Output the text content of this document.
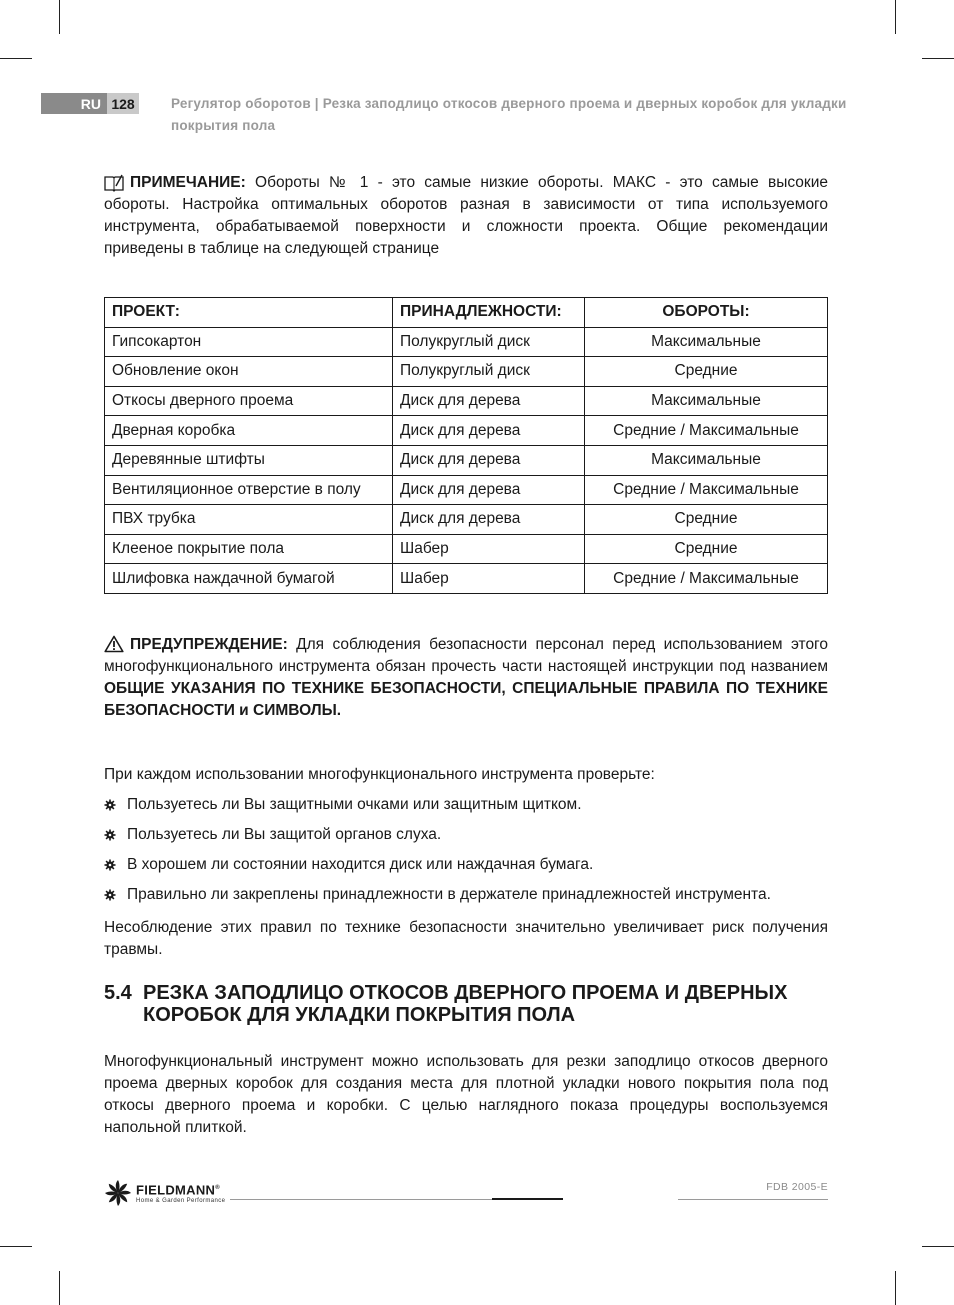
RU 128	Регулятор оборотов | Резка заподлицо откосов дверного проема и дверных коробок для укладки покрытия пола

ПРИМЕЧАНИЕ: Обороты № 1 - это самые низкие обороты. МАКС - это самые высокие обороты. Настройка оптимальных оборотов разная в зависимости от типа используемого инструмента, обрабатываемой поверхности и сложности проекта. Общие рекомендации приведены в таблице на следующей странице

ПРОЕКТ:	ПРИНАДЛЕЖНОСТИ:	ОБОРОТЫ:
Гипсокартон	Полукруглый диск	Максимальные
Обновление окон	Полукруглый диск	Средние
Откосы дверного проема	Диск для дерева	Максимальные
Дверная коробка	Диск для дерева	Средние / Максимальные
Деревянные штифты	Диск для дерева	Максимальные
Вентиляционное отверстие в полу	Диск для дерева	Средние / Максимальные
ПВХ трубка	Диск для дерева	Средние
Клееное покрытие пола	Шабер	Средние
Шлифовка наждачной бумагой	Шабер	Средние / Максимальные

ПРЕДУПРЕЖДЕНИЕ: Для соблюдения безопасности персонал перед использованием этого многофункционального инструмента обязан прочесть части настоящей инструкции под названием ОБЩИЕ УКАЗАНИЯ ПО ТЕХНИКЕ БЕЗОПАСНОСТИ, СПЕЦИАЛЬНЫЕ ПРАВИЛА ПО ТЕХНИКЕ БЕЗОПАСНОСТИ и СИМВОЛЫ.

При каждом использовании многофункционального инструмента проверьте:
Пользуетесь ли Вы защитными очками или защитным щитком.
Пользуетесь ли Вы защитой органов слуха.
В хорошем ли состоянии находится диск или наждачная бумага.
Правильно ли закреплены принадлежности в держателе принадлежностей инструмента.
Несоблюдение этих правил по технике безопасности значительно увеличивает риск получения травмы.
5.4 РЕЗКА ЗАПОДЛИЦО ОТКОСОВ ДВЕРНОГО ПРОЕМА И ДВЕРНЫХ КОРОБОК ДЛЯ УКЛАДКИ ПОКРЫТИЯ ПОЛА
Многофункциональный инструмент можно использовать для резки заподлицо откосов дверного проема дверных коробок для создания места для плотной укладки нового покрытия пола под откосы дверного проема и коробки. С целью наглядного показа процедуры воспользуемся напольной плиткой.
FIELDMANN®
Home & Garden Performance
FDB 2005-E
